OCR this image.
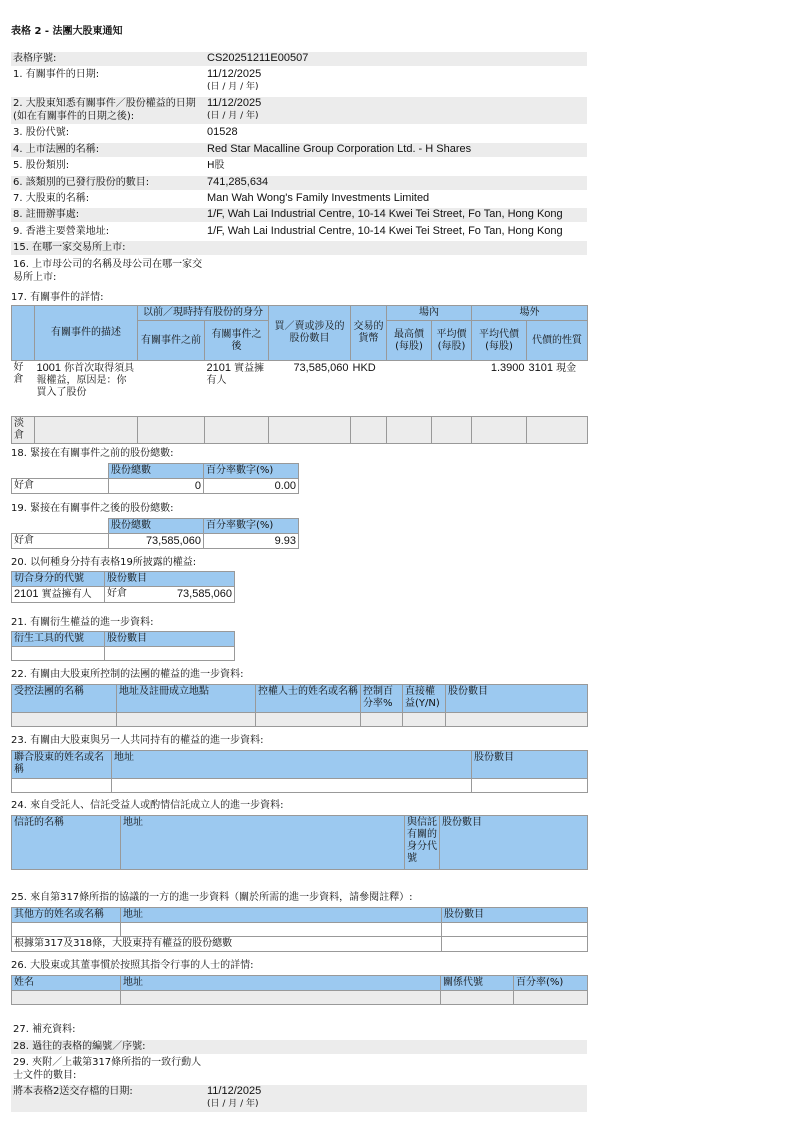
表格 2 - 法團大股東通知
表格序號:	CS20251211E00507
1. 有關事件的日期:	11/12/2025
(日 / 月 / 年)
2. 大股東知悉有關事件／股份權益的日期 (如在有關事件的日期之後):
11/12/2025
(日 / 月 / 年)
3. 股份代號:	01528
4. 上市法團的名稱:	Red Star Macalline Group Corporation Ltd. - H Shares
5. 股份類別:	H股
6. 該類別的已發行股份的數目:	741,285,634
7. 大股東的名稱:	Man Wah Wong's Family Investments Limited
8. 註冊辦事處:	1/F, Wah Lai Industrial Centre, 10-14 Kwei Tei Street, Fo Tan, Hong Kong
9. 香港主要營業地址:	1/F, Wah Lai Industrial Centre, 10-14 Kwei Tei Street, Fo Tan, Hong Kong
15. 在哪一家交易所上市:
16. 上市母公司的名稱及母公司在哪一家交易所上市:
17. 有關事件的詳情:
	有關事件的描述	以前／現時持有股份的身分		買／賣或涉及的股份數目	交易的貨幣	場內		場外	
		有關事件之前	有關事件之後			最高價(每股)	平均價(每股)	平均代價(每股)	代價的性質
好倉	1001 你首次取得須具報權益，原因是：你買入了股份		2101 實益擁有人	73,585,060	HKD			1.3900	3101 現金
淡倉									
18. 緊接在有關事件之前的股份總數:
	股份總數	百分率數字(%)
好倉	0	0.00
19. 緊接在有關事件之後的股份總數:
	股份總數	百分率數字(%)
好倉	73,585,060	9.93
20. 以何種身分持有表格19所披露的權益:
切合身分的代號	股份數目
2101 實益擁有人	好倉 73,585,060
21. 有關衍生權益的進一步資料:
衍生工具的代號	股份數目

22. 有關由大股東所控制的法團的權益的進一步資料:
受控法團的名稱	地址及註冊成立地點	控權人士的姓名或名稱	控制百分率%	直接權益(Y/N)	股份數目

23. 有關由大股東與另一人共同持有的權益的進一步資料:
聯合股東的姓名或名稱	地址	股份數目

24. 來自受託人、信託受益人或酌情信託成立人的進一步資料:
信託的名稱	地址	與信託有關的身分代號	股份數目
25. 來自第317條所指的協議的一方的進一步資料（關於所需的進一步資料，請參閱註釋）:
其他方的姓名或名稱	地址	股份數目

根據第317及318條，大股東持有權益的股份總數		
26. 大股東或其董事慣於按照其指令行事的人士的詳情:
姓名	地址	關係代號	百分率(%)

27. 補充資料:
28. 過往的表格的編號／序號:
29. 夾附／上載第317條所指的一致行動人士文件的數目:
將本表格2送交存檔的日期:	11/12/2025
(日 / 月 / 年)
